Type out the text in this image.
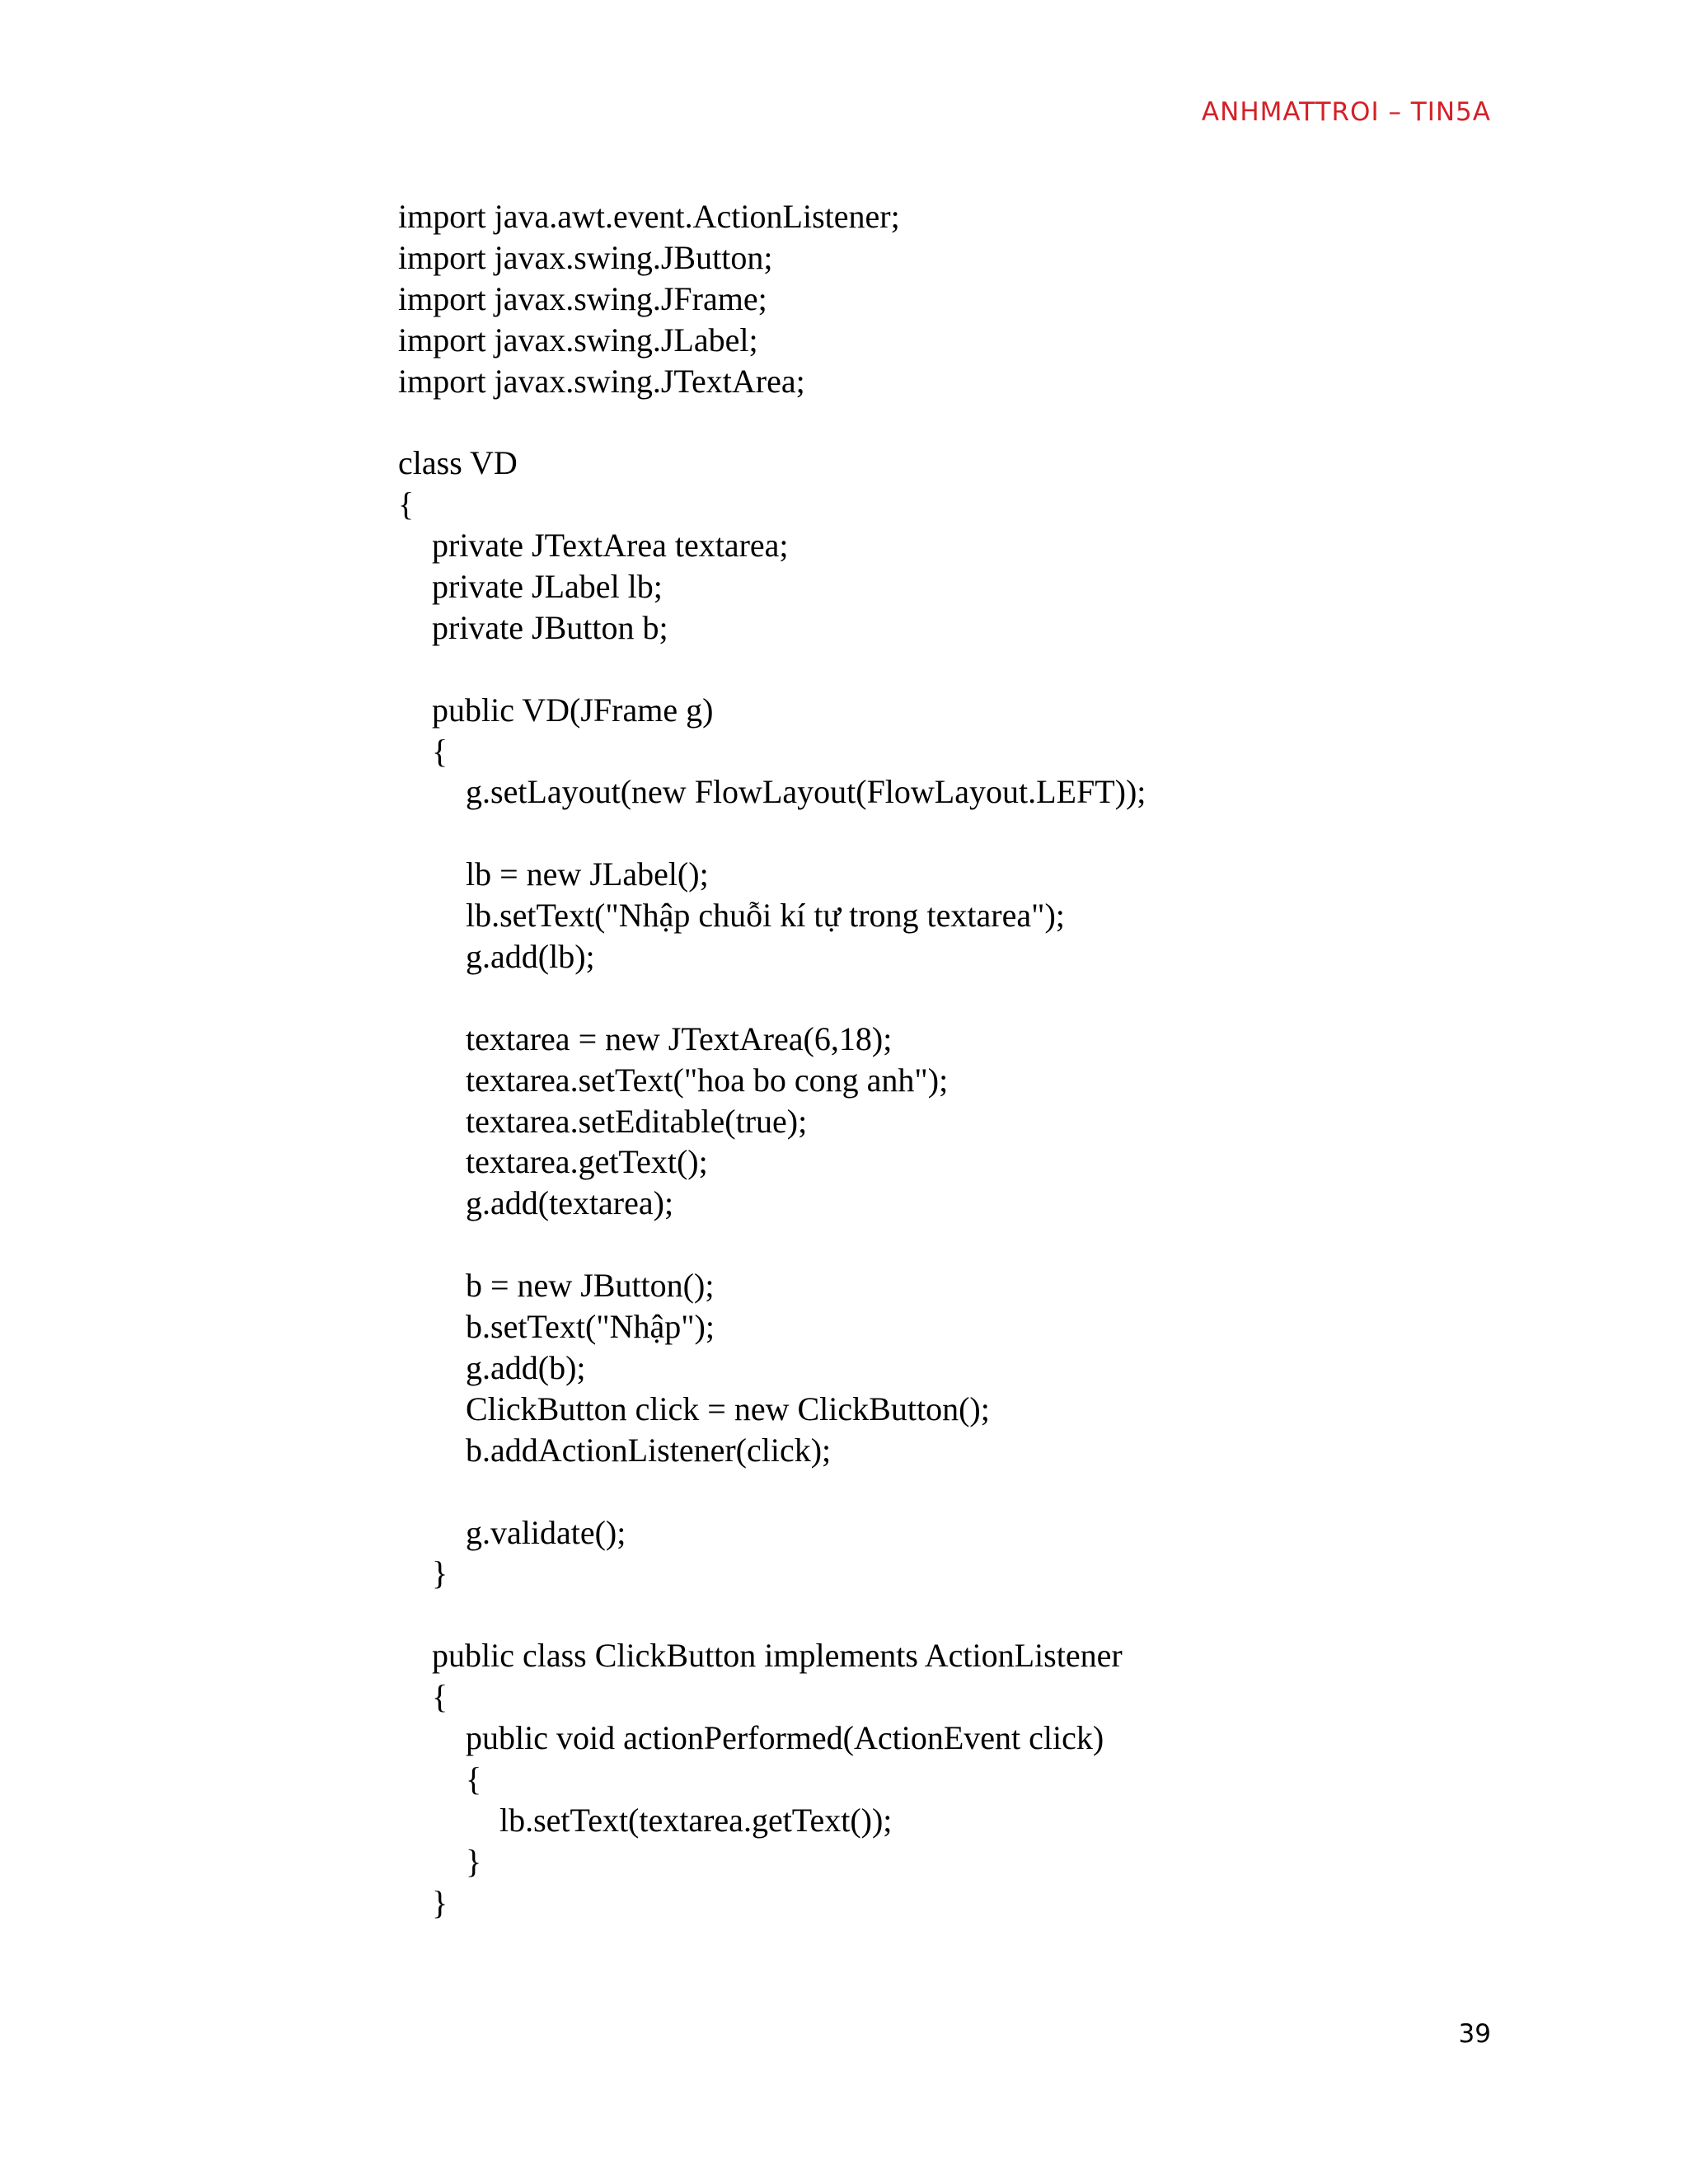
ANHMATTROI – TIN5A
import java.awt.event.ActionListener;
import javax.swing.JButton;
import javax.swing.JFrame;
import javax.swing.JLabel;
import javax.swing.JTextArea;
class VD
{
private JTextArea textarea;
private JLabel lb;
private JButton b;
public VD(JFrame g)
{
g.setLayout(new FlowLayout(FlowLayout.LEFT));
lb = new JLabel();
lb.setText("Nhập chuỗi kí tự trong textarea");
g.add(lb);
textarea = new JTextArea(6,18);
textarea.setText("hoa bo cong anh");
textarea.setEditable(true);
textarea.getText();
g.add(textarea);
b = new JButton();
b.setText("Nhập");
g.add(b);
ClickButton click = new ClickButton();
b.addActionListener(click);
g.validate();
}
public class ClickButton implements ActionListener
{
public void actionPerformed(ActionEvent click)
{
lb.setText(textarea.getText());
}
}
39
